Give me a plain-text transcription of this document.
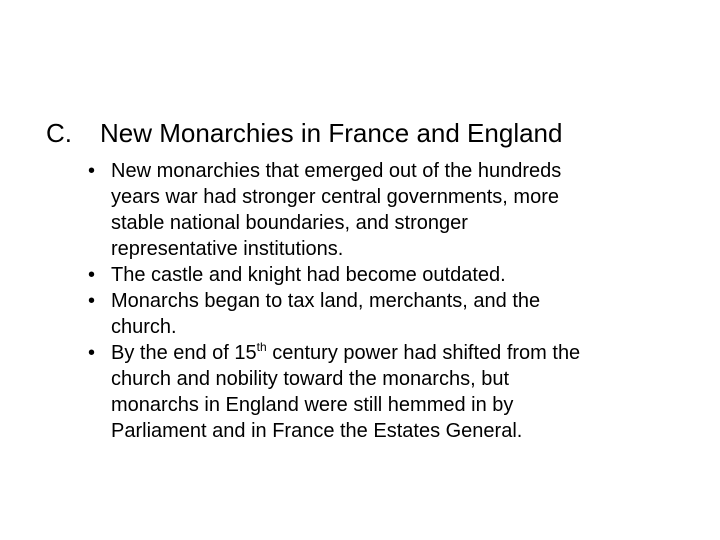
C. New Monarchies in France and England
• New monarchies that emerged out of the hundreds
years war had stronger central governments, more
stable national boundaries, and stronger
representative institutions.
• The castle and knight had become outdated.
• Monarchs began to tax land, merchants, and the
church.
• By the end of 15th century power had shifted from the
church and nobility toward the monarchs, but
monarchs in England were still hemmed in by
Parliament and in France the Estates General.
